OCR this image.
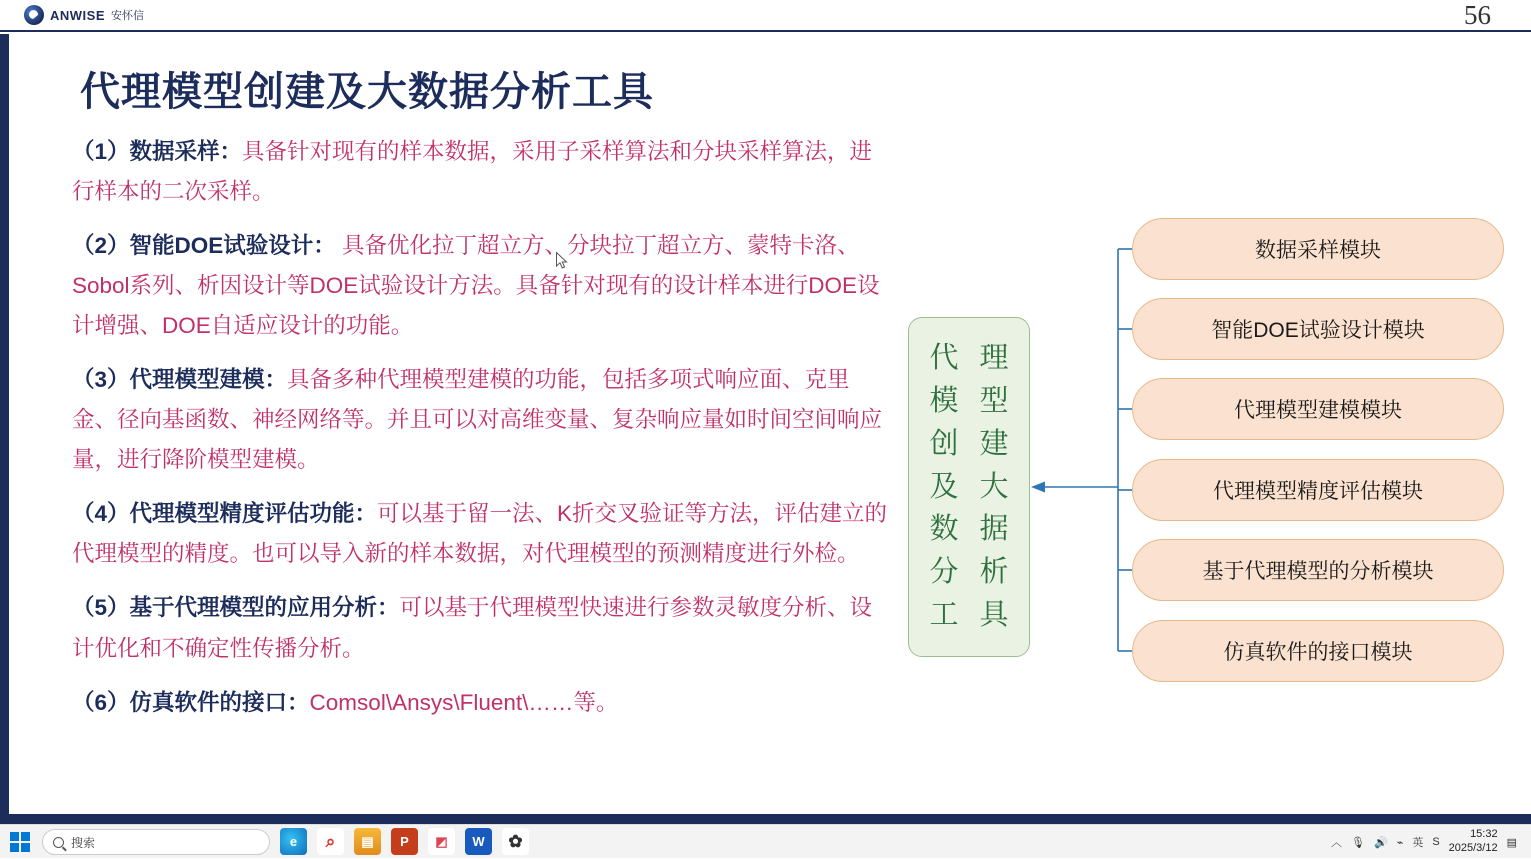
ANWISE 安怀信	56
代理模型创建及大数据分析工具

（1）数据采样：具备针对现有的样本数据，采用子采样算法和分块采样算法，进行样本的二次采样。

（2）智能DOE试验设计： 具备优化拉丁超立方、分块拉丁超立方、蒙特卡洛、Sobol系列、析因设计等DOE试验设计方法。具备针对现有的设计样本进行DOE设计增强、DOE自适应设计的功能。

（3）代理模型建模：具备多种代理模型建模的功能，包括多项式响应面、克里金、径向基函数、神经网络等。并且可以对高维变量、复杂响应量如时间空间响应量，进行降阶模型建模。

（4）代理模型精度评估功能：可以基于留一法、K折交叉验证等方法，评估建立的代理模型的精度。也可以导入新的样本数据，对代理模型的预测精度进行外检。

（5）基于代理模型的应用分析：可以基于代理模型快速进行参数灵敏度分析、设计优化和不确定性传播分析。

（6）仿真软件的接口：Comsol\Ansys\Fluent\……等。

代 理
模 型
创 建
及 大
数 据
分 析
工 具
数据采样模块
智能DOE试验设计模块
代理模型建模模块
代理模型精度评估模块
基于代理模型的分析模块
仿真软件的接口模块
搜索	e	⌕	▤	P	◩	W	✿	︿ 🎙 🔊 ⌁ 英 S
15:32
2025/3/12 ▤
